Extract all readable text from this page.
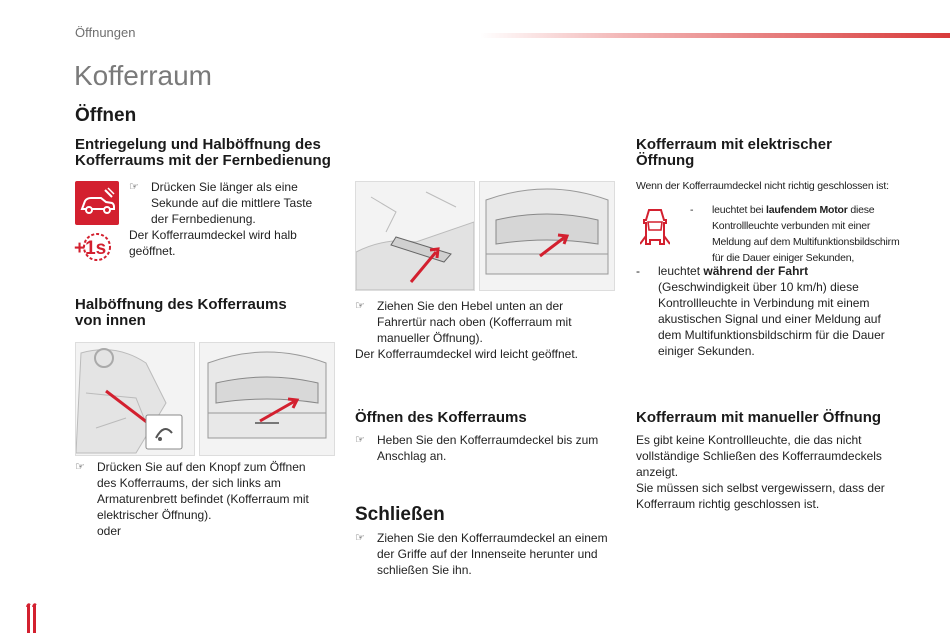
Öffnungen
Kofferraum
Öffnen
Entriegelung und Halböffnung des
Kofferraums mit der Fernbedienung
+1s
☞ Drücken Sie länger als eine
Sekunde auf die mittlere Taste
der Fernbedienung.
Der Kofferraumdeckel wird halb
geöffnet.
Halböffnung des Kofferraums
von innen
☞ Drücken Sie auf den Knopf zum Öffnen
des Kofferraums, der sich links am
Armaturenbrett befindet (Kofferraum mit
elektrischer Öffnung).
oder
☞ Ziehen Sie den Hebel unten an der
Fahrertür nach oben (Kofferraum mit
manueller Öffnung).
Der Kofferraumdeckel wird leicht geöffnet.
Öffnen des Kofferraums
☞ Heben Sie den Kofferraumdeckel bis zum
Anschlag an.
Schließen
☞ Ziehen Sie den Kofferraumdeckel an einem
der Griffe auf der Innenseite herunter und
schließen Sie ihn.
Kofferraum mit elektrischer
Öffnung
Wenn der Kofferraumdeckel nicht richtig geschlossen ist:
- leuchtet bei laufendem Motor diese
Kontrollleuchte verbunden mit einer
Meldung auf dem Multifunktionsbildschirm
für die Dauer einiger Sekunden,
- leuchtet während der Fahrt
(Geschwindigkeit über 10 km/h) diese
Kontrollleuchte in Verbindung mit einem
akustischen Signal und einer Meldung auf
dem Multifunktionsbildschirm für die Dauer
einiger Sekunden.
Kofferraum mit manueller Öffnung
Es gibt keine Kontrollleuchte, die das nicht
vollständige Schließen des Kofferraumdeckels
anzeigt.
Sie müssen sich selbst vergewissern, dass der
Kofferraum richtig geschlossen ist.
